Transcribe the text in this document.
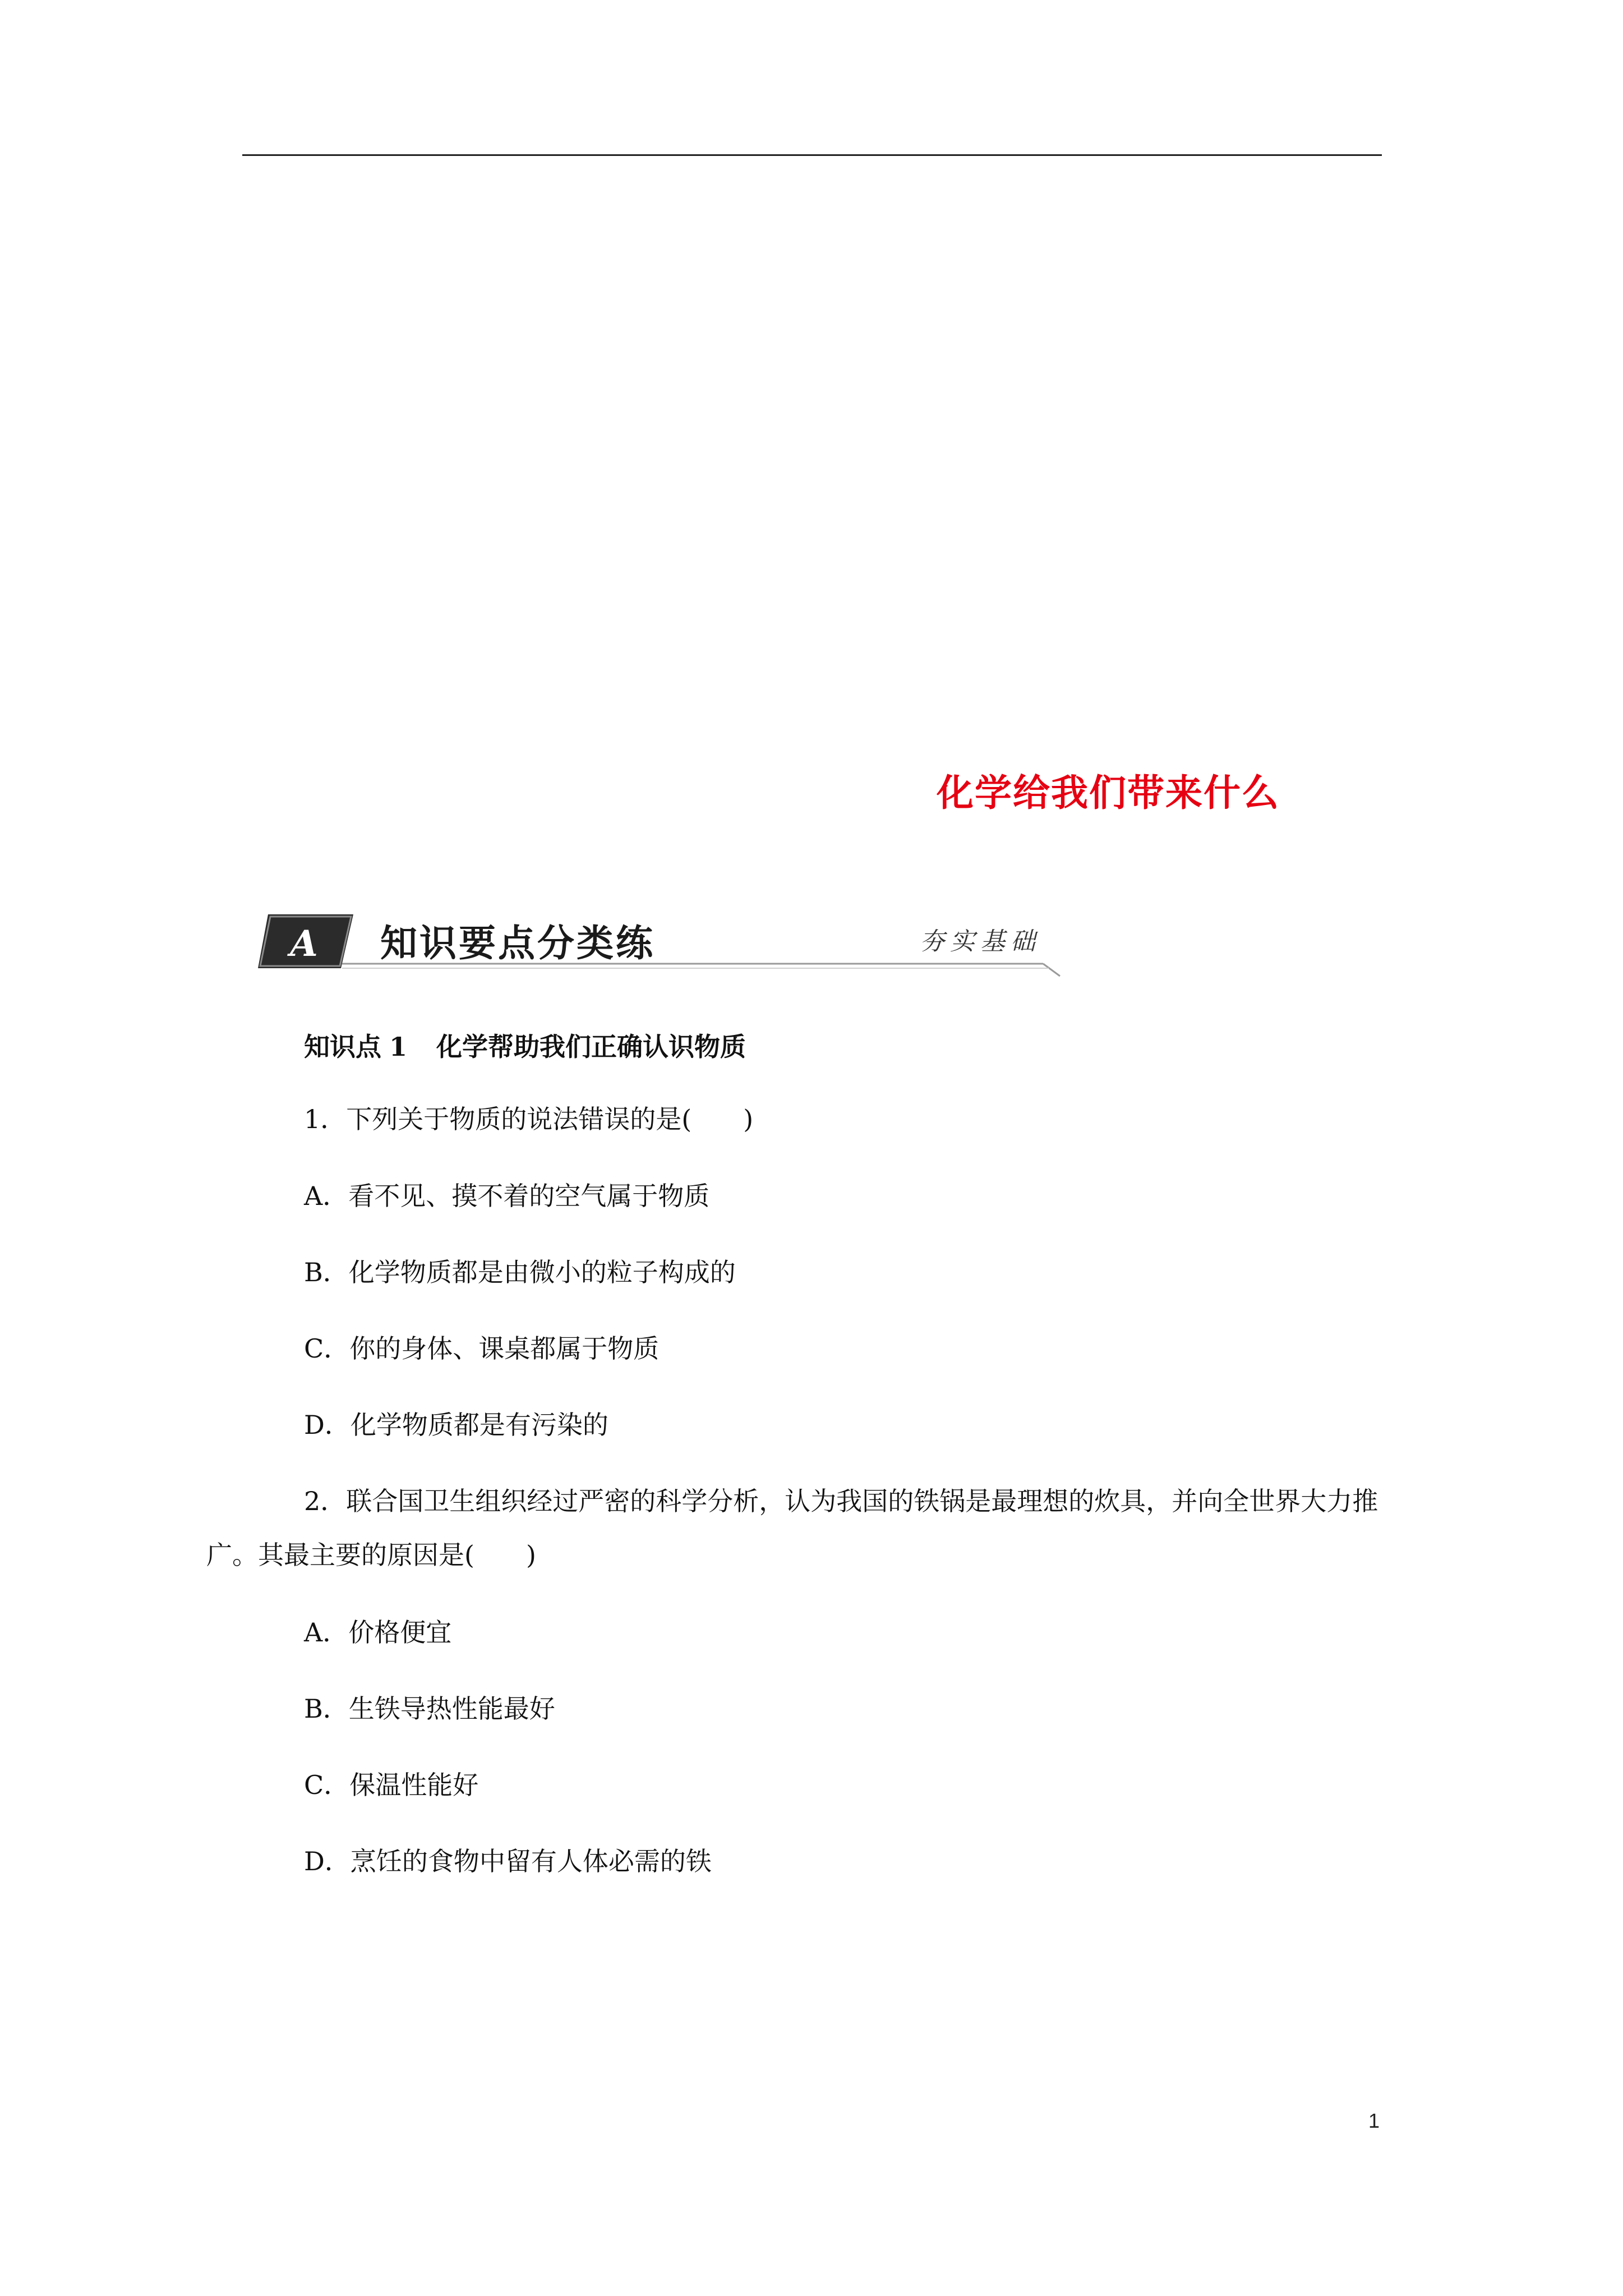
化学给我们带来什么
A 知识要点分类练	夯实基础
知识点 1 化学帮助我们正确认识物质
1．下列关于物质的说法错误的是(　　)
A．看不见、摸不着的空气属于物质
B．化学物质都是由微小的粒子构成的
C．你的身体、课桌都属于物质
D．化学物质都是有污染的
2．联合国卫生组织经过严密的科学分析，认为我国的铁锅是最理想的炊具，并向全世界大力推广。其最主要的原因是(　　)
A．价格便宜
B．生铁导热性能最好
C．保温性能好
D．烹饪的食物中留有人体必需的铁
1
